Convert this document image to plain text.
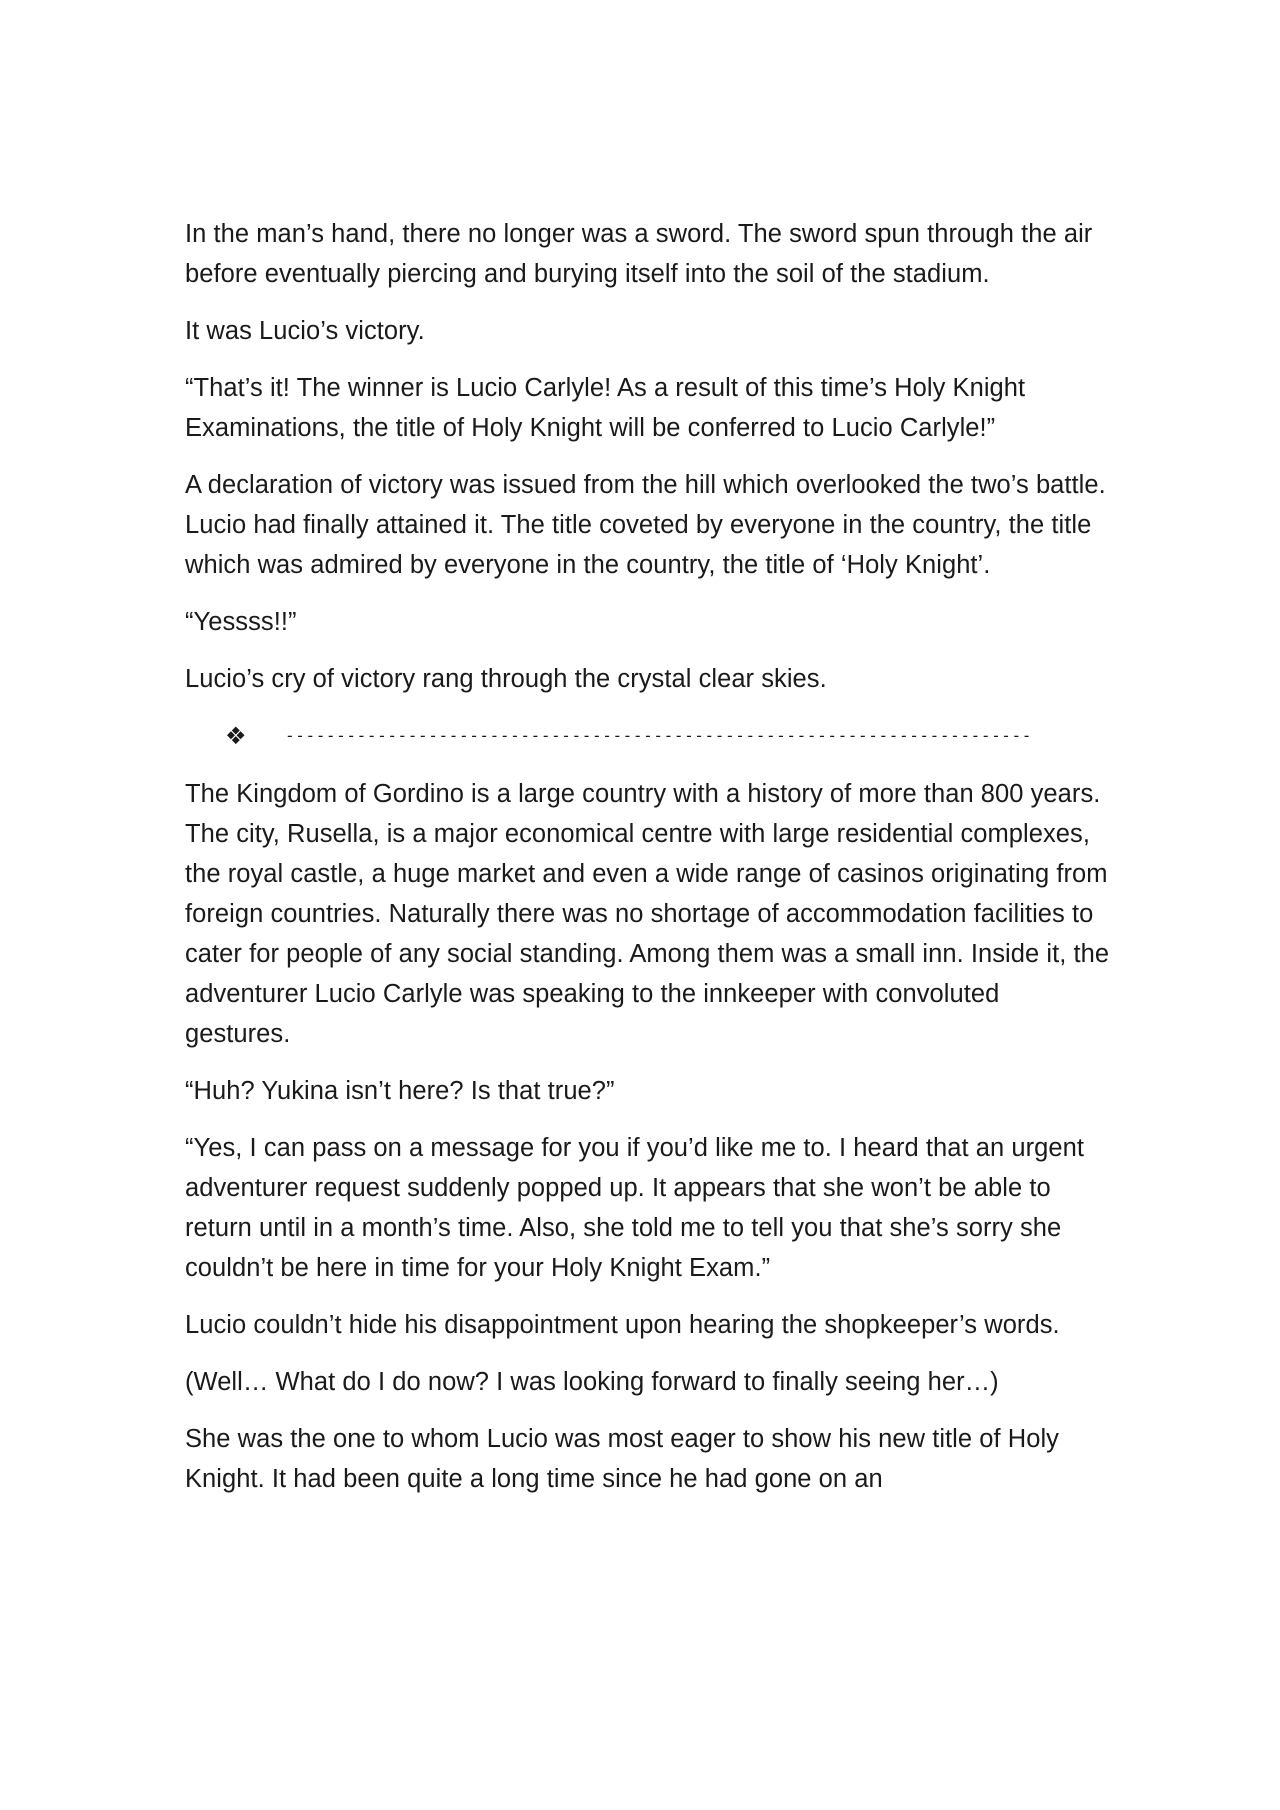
In the man’s hand, there no longer was a sword. The sword spun through the air before eventually piercing and burying itself into the soil of the stadium.

It was Lucio’s victory.

“That’s it! The winner is Lucio Carlyle! As a result of this time’s Holy Knight Examinations, the title of Holy Knight will be conferred to Lucio Carlyle!”

A declaration of victory was issued from the hill which overlooked the two’s battle. Lucio had finally attained it. The title coveted by everyone in the country, the title which was admired by everyone in the country, the title of ‘Holy Knight’.

“Yessss!!”

Lucio’s cry of victory rang through the crystal clear skies.

❖	-------------------------------------------------------------------------

The Kingdom of Gordino is a large country with a history of more than 800 years. The city, Rusella, is a major economical centre with large residential complexes, the royal castle, a huge market and even a wide range of casinos originating from foreign countries. Naturally there was no shortage of accommodation facilities to cater for people of any social standing. Among them was a small inn. Inside it, the adventurer Lucio Carlyle was speaking to the innkeeper with convoluted gestures.

“Huh? Yukina isn’t here? Is that true?”

“Yes, I can pass on a message for you if you’d like me to. I heard that an urgent adventurer request suddenly popped up. It appears that she won’t be able to return until in a month’s time. Also, she told me to tell you that she’s sorry she couldn’t be here in time for your Holy Knight Exam.”

Lucio couldn’t hide his disappointment upon hearing the shopkeeper’s words.

(Well… What do I do now? I was looking forward to finally seeing her…)

She was the one to whom Lucio was most eager to show his new title of Holy Knight. It had been quite a long time since he had gone on an
